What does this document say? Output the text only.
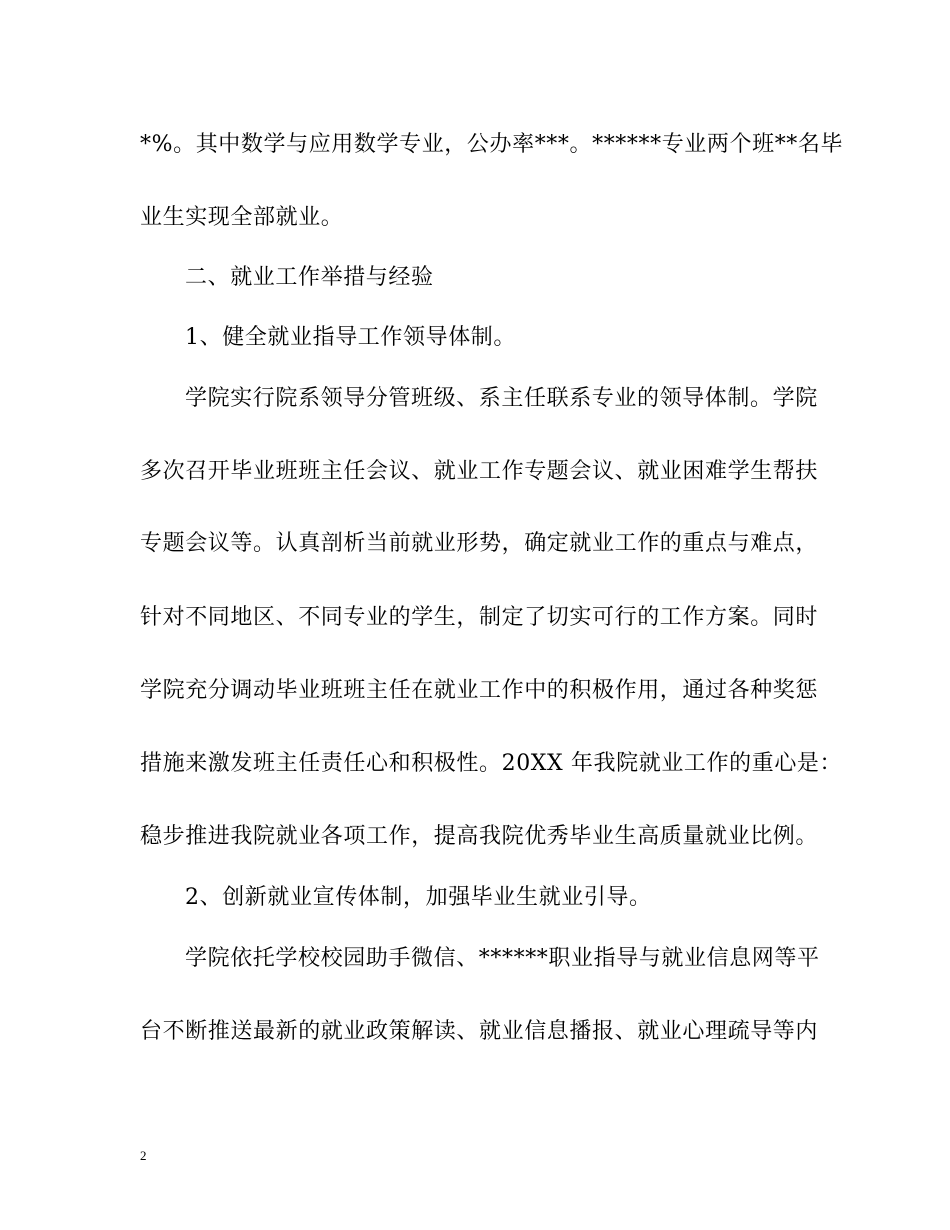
*%。其中数学与应用数学专业，公办率***。******专业两个班**名毕
业生实现全部就业。
二、就业工作举措与经验
1、健全就业指导工作领导体制。
学院实行院系领导分管班级、系主任联系专业的领导体制。学院
多次召开毕业班班主任会议、就业工作专题会议、就业困难学生帮扶
专题会议等。认真剖析当前就业形势，确定就业工作的重点与难点，
针对不同地区、不同专业的学生，制定了切实可行的工作方案。同时
学院充分调动毕业班班主任在就业工作中的积极作用，通过各种奖惩
措施来激发班主任责任心和积极性。20XX 年我院就业工作的重心是：
稳步推进我院就业各项工作，提高我院优秀毕业生高质量就业比例。
2、创新就业宣传体制，加强毕业生就业引导。
学院依托学校校园助手微信、******职业指导与就业信息网等平
台不断推送最新的就业政策解读、就业信息播报、就业心理疏导等内
2
